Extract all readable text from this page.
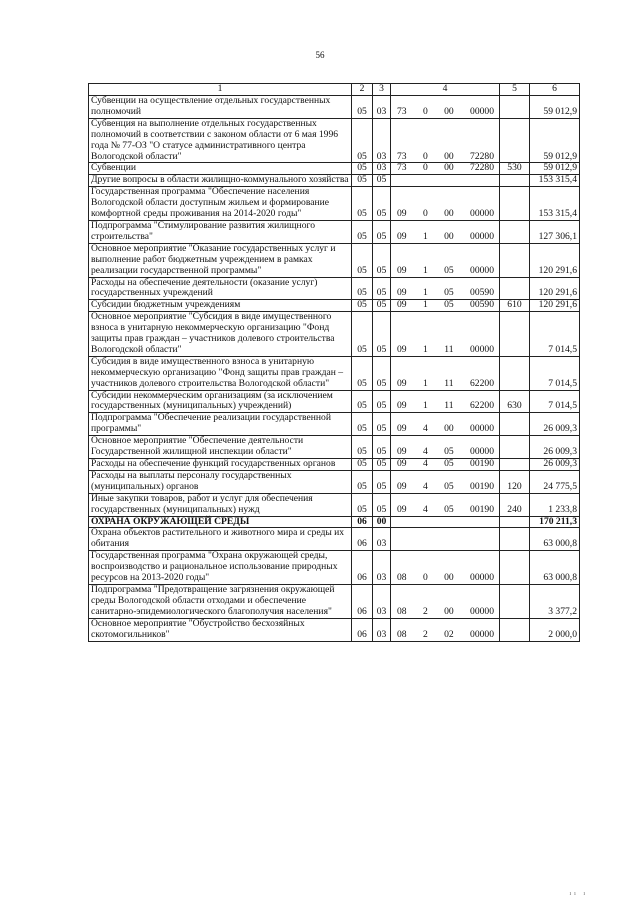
56
1	2	3	4	5	6
Субвенции на осуществление отдельных государственных полномочий	05	03	73 0 00 00000		59 012,9
Субвенция на выполнение отдельных государственных полномочий в соответствии с законом области от 6 мая 1996 года № 77-ОЗ "О статусе административного центра Вологодской области"	05	03	73 0 00 72280		59 012,9
Субвенции	05	03	73 0 00 72280	530	59 012,9
Другие вопросы в области жилищно-коммунального хозяйства	05	05			153 315,4
Государственная программа "Обеспечение населения Вологодской области доступным жильем и формирование комфортной среды проживания на 2014-2020 годы"	05	05	09 0 00 00000		153 315,4
Подпрограмма "Стимулирование развития жилищного строительства"	05	05	09 1 00 00000		127 306,1
Основное мероприятие "Оказание государственных услуг и выполнение работ бюджетным учреждением в рамках реализации государственной программы"	05	05	09 1 05 00000		120 291,6
Расходы на обеспечение деятельности (оказание услуг) государственных учреждений	05	05	09 1 05 00590		120 291,6
Субсидии бюджетным учреждениям	05	05	09 1 05 00590	610	120 291,6
Основное мероприятие "Субсидия в виде имущественного взноса в унитарную некоммерческую организацию "Фонд защиты прав граждан – участников долевого строительства Вологодской области"	05	05	09 1 11 00000		7 014,5
Субсидия в виде имущественного взноса в унитарную некоммерческую организацию "Фонд защиты прав граждан – участников долевого строительства Вологодской области"	05	05	09 1 11 62200		7 014,5
Субсидии некоммерческим организациям (за исключением государственных (муниципальных) учреждений)	05	05	09 1 11 62200	630	7 014,5
Подпрограмма "Обеспечение реализации государственной программы"	05	05	09 4 00 00000		26 009,3
Основное мероприятие "Обеспечение деятельности Государственной жилищной инспекции области"	05	05	09 4 05 00000		26 009,3
Расходы на обеспечение функций государственных органов	05	05	09 4 05 00190		26 009,3
Расходы на выплаты персоналу государственных (муниципальных) органов	05	05	09 4 05 00190	120	24 775,5
Иные закупки товаров, работ и услуг для обеспечения государственных (муниципальных) нужд	05	05	09 4 05 00190	240	1 233,8
ОХРАНА ОКРУЖАЮЩЕЙ СРЕДЫ	06	00			170 211,3
Охрана объектов растительного и животного мира и среды их обитания	06	03			63 000,8
Государственная программа "Охрана окружающей среды, воспроизводство и рациональное использование природных ресурсов на 2013-2020 годы"	06	03	08 0 00 00000		63 000,8
Подпрограмма "Предотвращение загрязнения окружающей среды Вологодской области отходами и обеспечение санитарно-эпидемиологического благополучия населения"	06	03	08 2 00 00000		3 377,2
Основное мероприятие "Обустройство бесхозяйных скотомогильников"	06	03	08 2 02 00000		2 000,0
ıı ı
